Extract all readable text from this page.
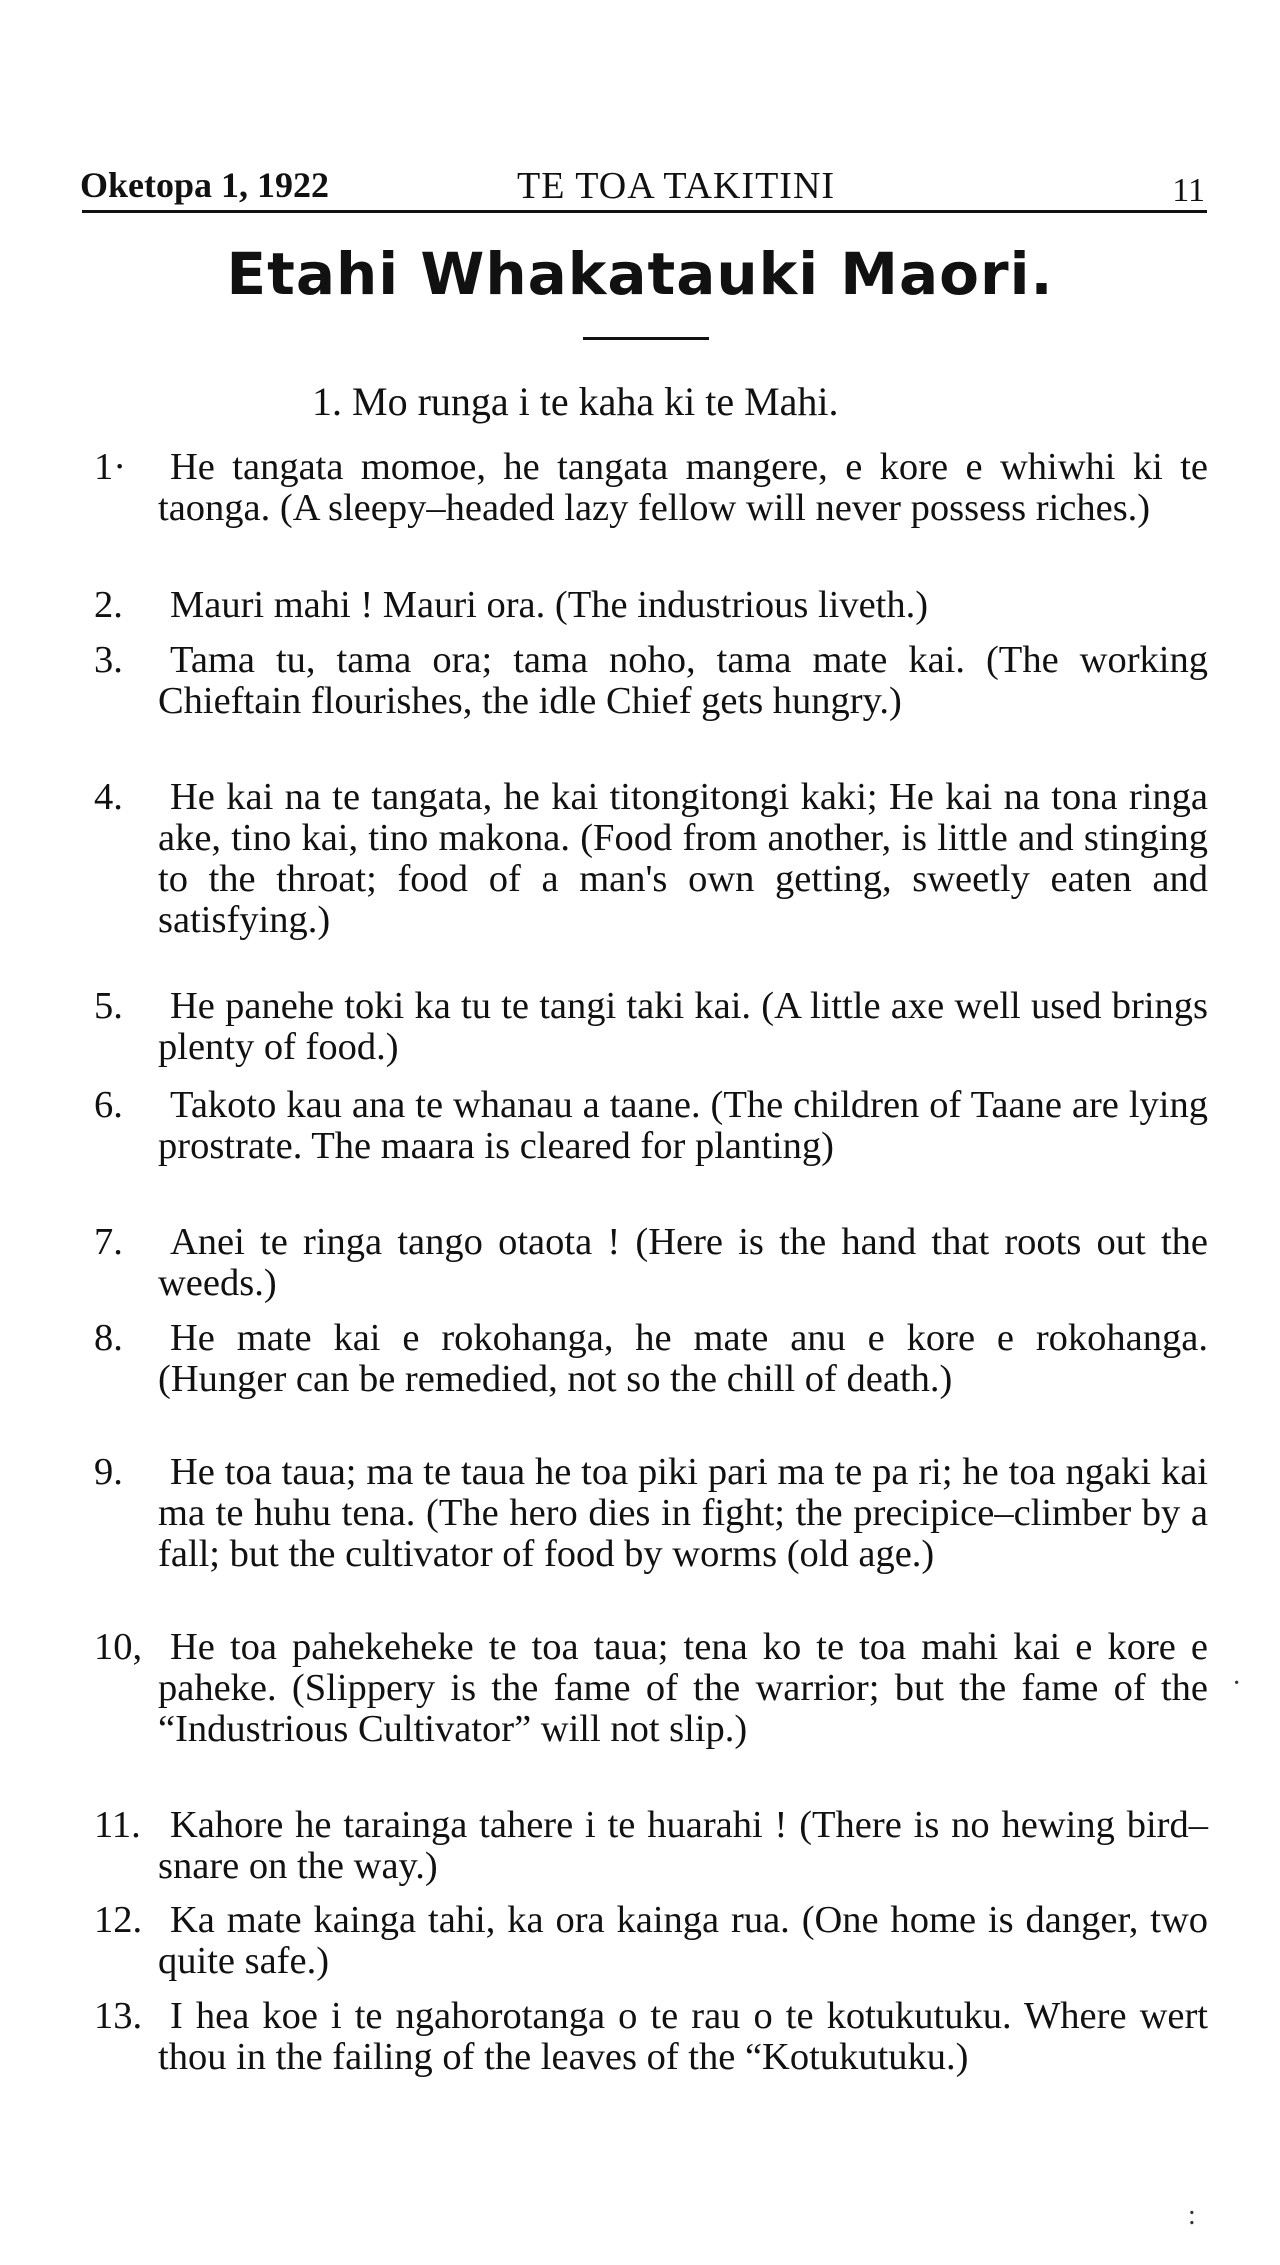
Oketopa 1, 1922	TE TOA TAKITINI	11
Etahi Whakatauki Maori.
1. Mo runga i te kaha ki te Mahi.
1· He tangata momoe, he tangata mangere, e kore e whiwhi ki te taonga. (A sleepy–headed lazy fellow will never possess riches.)
2. Mauri mahi ! Mauri ora. (The industrious liveth.)
3. Tama tu, tama ora; tama noho, tama mate kai. (The working Chieftain flourishes, the idle Chief gets hungry.)
4. He kai na te tangata, he kai titongitongi kaki; He kai na tona ringa ake, tino kai, tino makona. (Food from another, is little and stinging to the throat; food of a man's own getting, sweetly eaten and satisfying.)
5. He panehe toki ka tu te tangi taki kai. (A little axe well used brings plenty of food.)
6. Takoto kau ana te whanau a taane. (The children of Taane are lying prostrate. The maara is cleared for planting)
7. Anei te ringa tango otaota ! (Here is the hand that roots out the weeds.)
8. He mate kai e rokohanga, he mate anu e kore e rokohanga. (Hunger can be remedied, not so the chill of death.)
9. He toa taua; ma te taua he toa piki pari ma te pa ri; he toa ngaki kai ma te huhu tena. (The hero dies in fight; the precipice–climber by a fall; but the cultivator of food by worms (old age.)
10, He toa pahekeheke te toa taua; tena ko te toa mahi kai e kore e paheke. (Slippery is the fame of the warrior; but the fame of the “Industrious Cultivator” will not slip.)
11. Kahore he tarainga tahere i te huarahi ! (There is no hewing bird–snare on the way.)
12. Ka mate kainga tahi, ka ora kainga rua. (One home is danger, two quite safe.)
13. I hea koe i te ngahorotanga o te rau o te kotukutuku. Where wert thou in the failing of the leaves of the “Kotukutuku.)
·
:
